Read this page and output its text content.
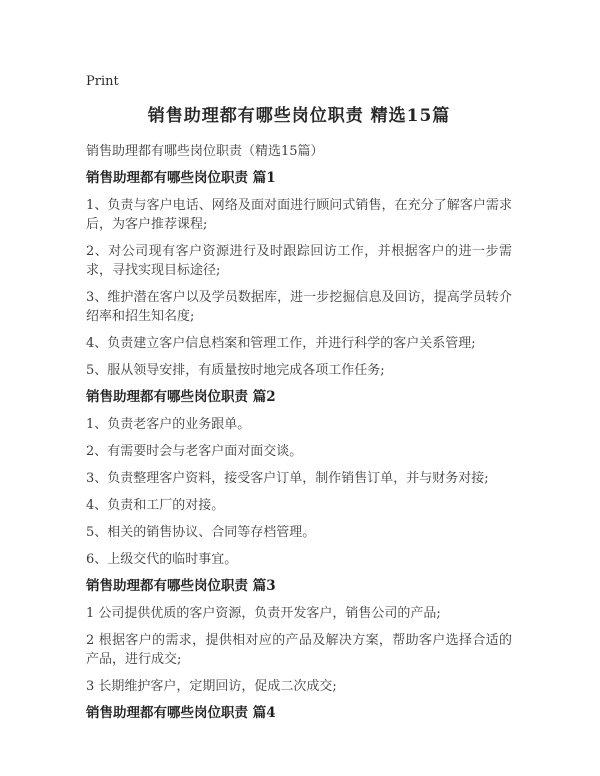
Print
销售助理都有哪些岗位职责 精选15篇

销售助理都有哪些岗位职责（精选15篇）

销售助理都有哪些岗位职责 篇1

1、负责与客户电话、网络及面对面进行顾问式销售，在充分了解客户需求后，为客户推荐课程;

2、对公司现有客户资源进行及时跟踪回访工作，并根据客户的进一步需求，寻找实现目标途径;

3、维护潜在客户以及学员数据库，进一步挖掘信息及回访，提高学员转介绍率和招生知名度;

4、负责建立客户信息档案和管理工作，并进行科学的客户关系管理;

5、服从领导安排，有质量按时地完成各项工作任务;

销售助理都有哪些岗位职责 篇2

1、负责老客户的业务跟单。

2、有需要时会与老客户面对面交谈。

3、负责整理客户资料，接受客户订单，制作销售订单，并与财务对接;

4、负责和工厂的对接。

5、相关的销售协议、合同等存档管理。

6、上级交代的临时事宜。

销售助理都有哪些岗位职责 篇3

1 公司提供优质的客户资源，负责开发客户，销售公司的产品;

2 根据客户的需求，提供相对应的产品及解决方案，帮助客户选择合适的产品，进行成交;

3 长期维护客户，定期回访，促成二次成交;

销售助理都有哪些岗位职责 篇4
